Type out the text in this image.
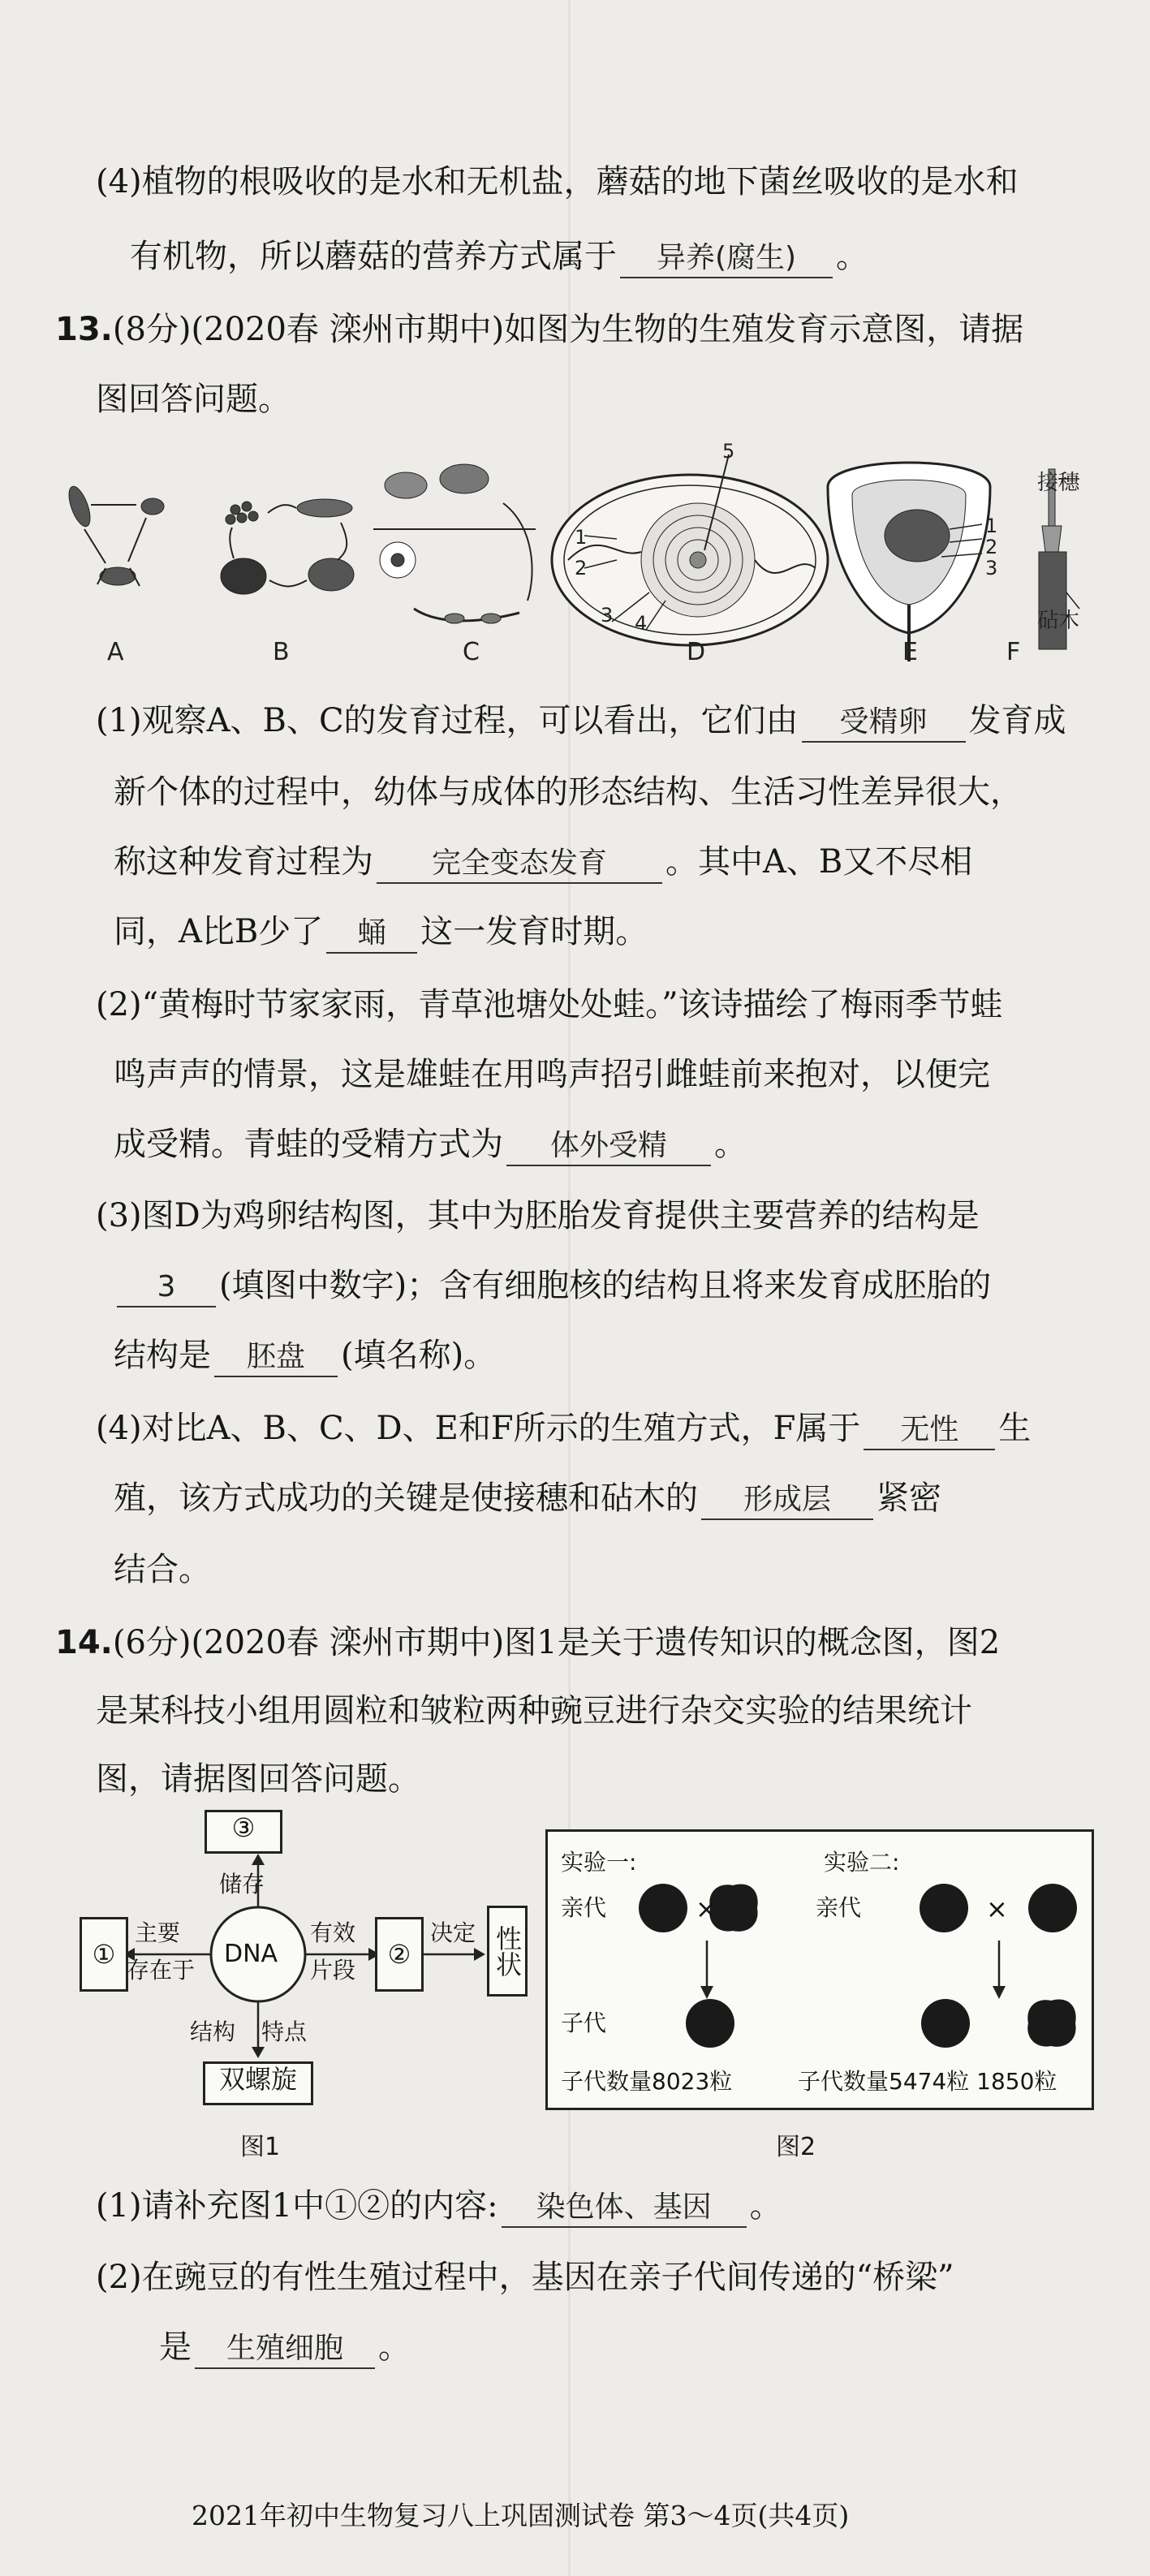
(4)植物的根吸收的是水和无机盐，蘑菇的地下菌丝吸收的是水和
有机物，所以蘑菇的营养方式属于 异养(腐生) 。
13.(8分)(2020春 滦州市期中)如图为生物的生殖发育示意图，请据
图回答问题。
A	B	C	D	E	F
1
2
3 4
5
1
2
3
接穗
砧木
(1)观察A、B、C的发育过程，可以看出，它们由 受精卵 发育成
新个体的过程中，幼体与成体的形态结构、生活习性差异很大，
称这种发育过程为 完全变态发育 。其中A、B又不尽相
同，A比B少了 蛹 这一发育时期。
(2)“黄梅时节家家雨，青草池塘处处蛙。”该诗描绘了梅雨季节蛙
鸣声声的情景，这是雄蛙在用鸣声招引雌蛙前来抱对，以便完
成受精。青蛙的受精方式为 体外受精 。
(3)图D为鸡卵结构图，其中为胚胎发育提供主要营养的结构是
3 (填图中数字)；含有细胞核的结构且将来发育成胚胎的
结构是 胚盘 (填名称)。
(4)对比A、B、C、D、E和F所示的生殖方式，F属于 无性 生
殖，该方式成功的关键是使接穗和砧木的 形成层 紧密
结合。
14.(6分)(2020春 滦州市期中)图1是关于遗传知识的概念图，图2
是某科技小组用圆粒和皱粒两种豌豆进行杂交实验的结果统计
图，请据图回答问题。
③
储存
①
主要
存在于
DNA
有效
片段
②
决定 性状
结构 特点
双螺旋
图1
实验一:	实验二:
亲代	×	亲代	×
子代
子代数量8023粒	子代数量5474粒 1850粒
图2
(1)请补充图1中①②的内容: 染色体、基因 。
(2)在豌豆的有性生殖过程中，基因在亲子代间传递的“桥梁”
是 生殖细胞 。
2021年初中生物复习八上巩固测试卷 第3～4页(共4页)
